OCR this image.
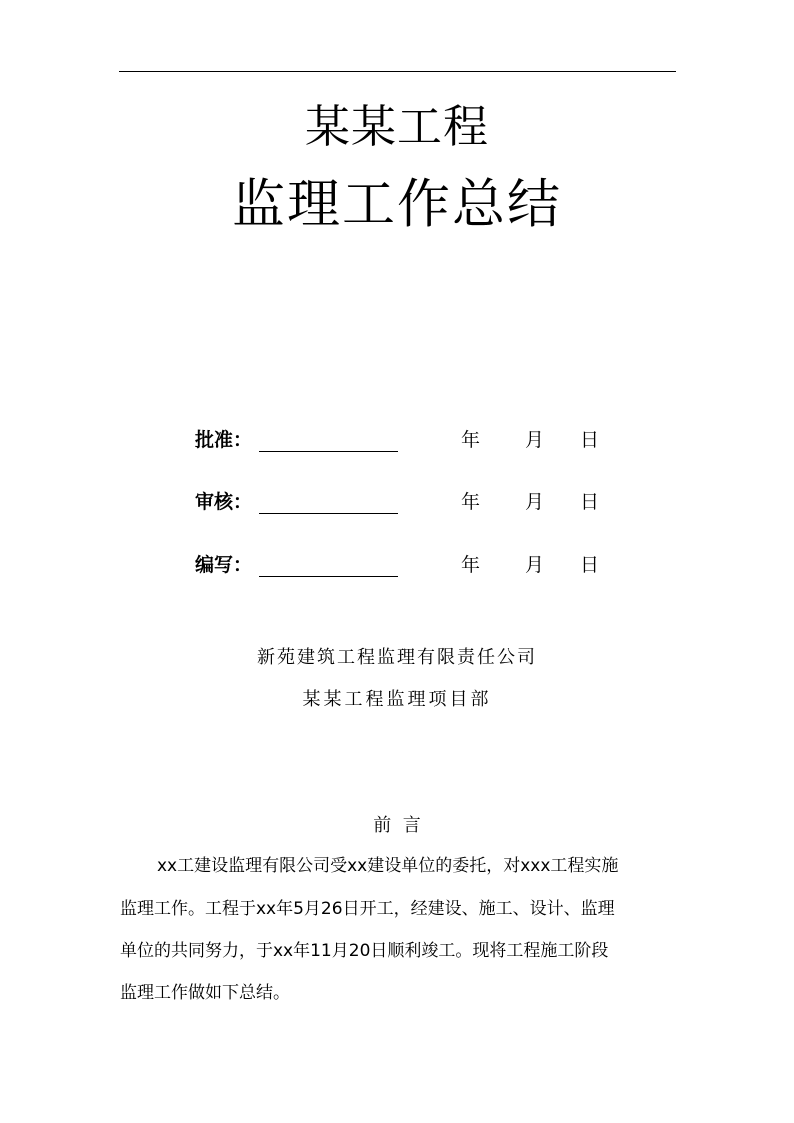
某某工程
监理工作总结
批准：	年 月 日
审核：	年 月 日
编写：	年 月 日
新苑建筑工程监理有限责任公司
某某工程监理项目部
前  言
xx工建设监理有限公司受xx建设单位的委托，对xxx工程实施
监理工作。工程于xx年5月26日开工，经建设、施工、设计、监理
单位的共同努力，于xx年11月20日顺利竣工。现将工程施工阶段
监理工作做如下总结。
